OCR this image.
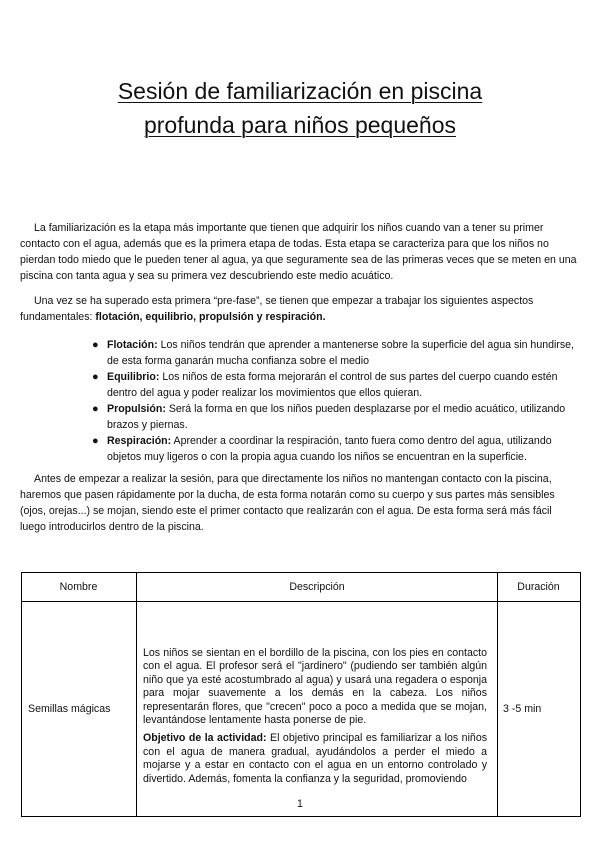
Sesión de familiarización en piscina
profunda para niños pequeños

La familiarización es la etapa más importante que tienen que adquirir los niños cuando van a tener su primer contacto con el agua, además que es la primera etapa de todas. Esta etapa se caracteriza para que los niños no pierdan todo miedo que le pueden tener al agua, ya que seguramente sea de las primeras veces que se meten en una piscina con tanta agua y sea su primera vez descubriendo este medio acuático.

Una vez se ha superado esta primera “pre-fase”, se tienen que empezar a trabajar los siguientes aspectos fundamentales: flotación, equilibrio, propulsión y respiración.

● Flotación: Los niños tendrán que aprender a mantenerse sobre la superficie del agua sin hundirse, de esta forma ganarán mucha confianza sobre el medio
● Equilibrio: Los niños de esta forma mejorarán el control de sus partes del cuerpo cuando estén dentro del agua y poder realizar los movimientos que ellos quieran.
● Propulsión: Será la forma en que los niños pueden desplazarse por el medio acuático, utilizando brazos y piernas.
● Respiración: Aprender a coordinar la respiración, tanto fuera como dentro del agua, utilizando objetos muy ligeros o con la propia agua cuando los niños se encuentran en la superficie.

Antes de empezar a realizar la sesión, para que directamente los niños no mantengan contacto con la piscina, haremos que pasen rápidamente por la ducha, de esta forma notarán como su cuerpo y sus partes más sensibles (ojos, orejas...) se mojan, siendo este el primer contacto que realizarán con el agua. De esta forma será más fácil luego introducirlos dentro de la piscina.

Nombre	Descripción	Duración
Semillas mágicas	Los niños se sientan en el bordillo de la piscina, con los pies en contacto con el agua. El profesor será el "jardinero" (pudiendo ser también algún niño que ya esté acostumbrado al agua) y usará una regadera o esponja para mojar suavemente a los demás en la cabeza. Los niños representarán flores, que "crecen" poco a poco a medida que se mojan, levantándose lentamente hasta ponerse de pie.

Objetivo de la actividad: El objetivo principal es familiarizar a los niños con el agua de manera gradual, ayudándolos a perder el miedo a mojarse y a estar en contacto con el agua en un entorno controlado y divertido. Además, fomenta la confianza y la seguridad, promoviendo	3 -5 min
1
